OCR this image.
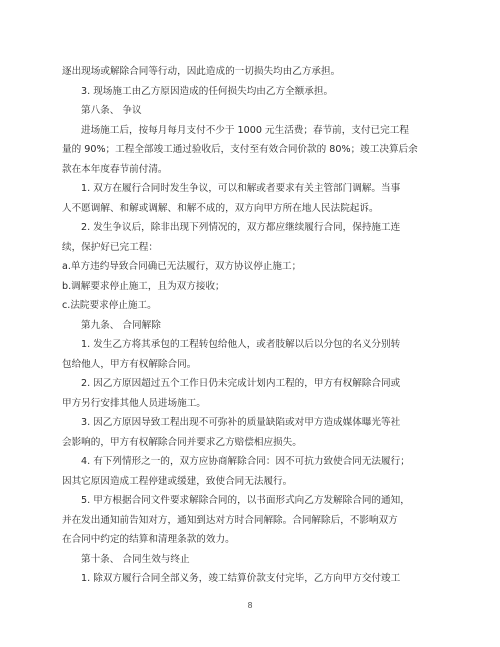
逐出现场或解除合同等行动，因此造成的一切损失均由乙方承担。

3. 现场施工由乙方原因造成的任何损失均由乙方全额承担。

第八条、 争议

进场施工后，按每月每月支付不少于 1000 元生活费；春节前，支付已完工程

量的 90%；工程全部竣工通过验收后，支付至有效合同价款的 80%；竣工决算后余

款在本年度春节前付清。

1. 双方在履行合同时发生争议，可以和解或者要求有关主管部门调解。当事

人不愿调解、和解或调解、和解不成的，双方向甲方所在地人民法院起诉。

2. 发生争议后，除非出现下列情况的，双方都应继续履行合同，保持施工连

续，保护好已完工程：

a.单方违约导致合同确已无法履行，双方协议停止施工；

b.调解要求停止施工，且为双方接收；

c.法院要求停止施工。

第九条、 合同解除

1. 发生乙方将其承包的工程转包给他人，或者肢解以后以分包的名义分别转

包给他人，甲方有权解除合同。

2. 因乙方原因超过五个工作日仍未完成计划内工程的，甲方有权解除合同或

甲方另行安排其他人员进场施工。

3. 因乙方原因导致工程出现不可弥补的质量缺陷或对甲方造成媒体曝光等社

会影响的，甲方有权解除合同并要求乙方赔偿相应损失。

4. 有下列情形之一的，双方应协商解除合同：因不可抗力致使合同无法履行；

因其它原因造成工程停建或缓建，致使合同无法履行。

5. 甲方根据合同文件要求解除合同的，以书面形式向乙方发解除合同的通知，

并在发出通知前告知对方，通知到达对方时合同解除。合同解除后，不影响双方

在合同中约定的结算和清理条款的效力。

第十条、 合同生效与终止

1. 除双方履行合同全部义务，竣工结算价款支付完毕，乙方向甲方交付竣工

8
